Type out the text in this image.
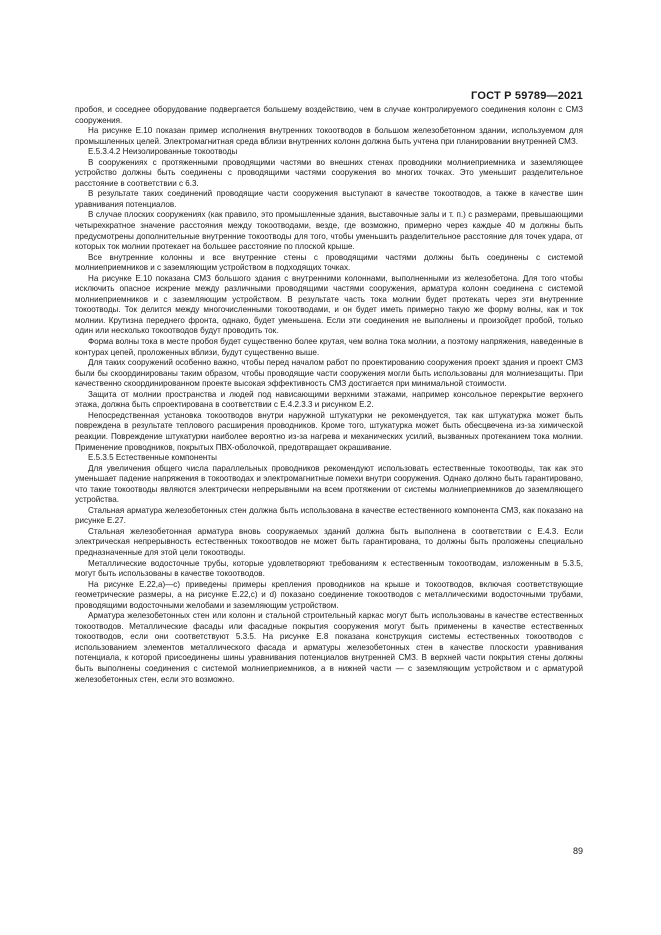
ГОСТ Р 59789—2021

пробоя, и соседнее оборудование подвергается большему воздействию, чем в случае контролируемого соединения колонн с СМЗ сооружения.

На рисунке Е.10 показан пример исполнения внутренних токоотводов в большом железобетонном здании, используемом для промышленных целей. Электромагнитная среда вблизи внутренних колонн должна быть учтена при планировании внутренней СМЗ.

Е.5.3.4.2 Неизолированные токоотводы

В сооружениях с протяженными проводящими частями во внешних стенах проводники молниеприемника и заземляющее устройство должны быть соединены с проводящими частями сооружения во многих точках. Это уменьшит разделительное расстояние в соответствии с 6.3.

В результате таких соединений проводящие части сооружения выступают в качестве токоотводов, а также в качестве шин уравнивания потенциалов.

В случае плоских сооружениях (как правило, это промышленные здания, выставочные залы и т. п.) с размерами, превышающими четырехкратное значение расстояния между токоотводами, везде, где возможно, примерно через каждые 40 м должны быть предусмотрены дополнительные внутренние токоотводы для того, чтобы уменьшить разделительное расстояние для точек удара, от которых ток молнии протекает на большее расстояние по плоской крыше.

Все внутренние колонны и все внутренние стены с проводящими частями должны быть соединены с системой молниеприемников и с заземляющим устройством в подходящих точках.

На рисунке Е.10 показана СМЗ большого здания с внутренними колоннами, выполненными из железобетона. Для того чтобы исключить опасное искрение между различными проводящими частями сооружения, арматура колонн соединена с системой молниеприемников и с заземляющим устройством. В результате часть тока молнии будет протекать через эти внутренние токоотводы. Ток делится между многочисленными токоотводами, и он будет иметь примерно такую же форму волны, как и ток молнии. Крутизна переднего фронта, однако, будет уменьшена. Если эти соединения не выполнены и произойдет пробой, только один или несколько токоотводов будут проводить ток.

Форма волны тока в месте пробоя будет существенно более крутая, чем волна тока молнии, а поэтому напряжения, наведенные в контурах цепей, проложенных вблизи, будут существенно выше.

Для таких сооружений особенно важно, чтобы перед началом работ по проектированию сооружения проект здания и проект СМЗ были бы скоординированы таким образом, чтобы проводящие части сооружения могли быть использованы для молниезащиты. При качественно скоординированном проекте высокая эффективность СМЗ достигается при минимальной стоимости.

Защита от молнии пространства и людей под нависающими верхними этажами, например консольное перекрытие верхнего этажа, должна быть спроектирована в соответствии с Е.4.2.3.3 и рисунком Е.2.

Непосредственная установка токоотводов внутри наружной штукатурки не рекомендуется, так как штукатурка может быть повреждена в результате теплового расширения проводников. Кроме того, штукатурка может быть обесцвечена из-за химической реакции. Повреждение штукатурки наиболее вероятно из-за нагрева и механических усилий, вызванных протеканием тока молнии. Применение проводников, покрытых ПВХ-оболочкой, предотвращает окрашивание.

Е.5.3.5 Естественные компоненты

Для увеличения общего числа параллельных проводников рекомендуют использовать естественные токоотводы, так как это уменьшает падение напряжения в токоотводах и электромагнитные помехи внутри сооружения. Однако должно быть гарантировано, что такие токоотводы являются электрически непрерывными на всем протяжении от системы молниеприемников до заземляющего устройства.

Стальная арматура железобетонных стен должна быть использована в качестве естественного компонента СМЗ, как показано на рисунке Е.27.

Стальная железобетонная арматура вновь сооружаемых зданий должна быть выполнена в соответствии с Е.4.3. Если электрическая непрерывность естественных токоотводов не может быть гарантирована, то должны быть проложены специально предназначенные для этой цели токоотводы.

Металлические водосточные трубы, которые удовлетворяют требованиям к естественным токоотводам, изложенным в 5.3.5, могут быть использованы в качестве токоотводов.

На рисунке Е.22,а)—с) приведены примеры крепления проводников на крыше и токоотводов, включая соответствующие геометрические размеры, а на рисунке Е.22,с) и d) показано соединение токоотводов с металлическими водосточными трубами, проводящими водосточными желобами и заземляющим устройством.

Арматура железобетонных стен или колонн и стальной строительный каркас могут быть использованы в качестве естественных токоотводов. Металлические фасады или фасадные покрытия сооружения могут быть применены в качестве естественных токоотводов, если они соответствуют 5.3.5. На рисунке Е.8 показана конструкция системы естественных токоотводов с использованием элементов металлического фасада и арматуры железобетонных стен в качестве плоскости уравнивания потенциала, к которой присоединены шины уравнивания потенциалов внутренней СМЗ. В верхней части покрытия стены должны быть выполнены соединения с системой молниеприемников, а в нижней части — с заземляющим устройством и с арматурой железобетонных стен, если это возможно.

89
